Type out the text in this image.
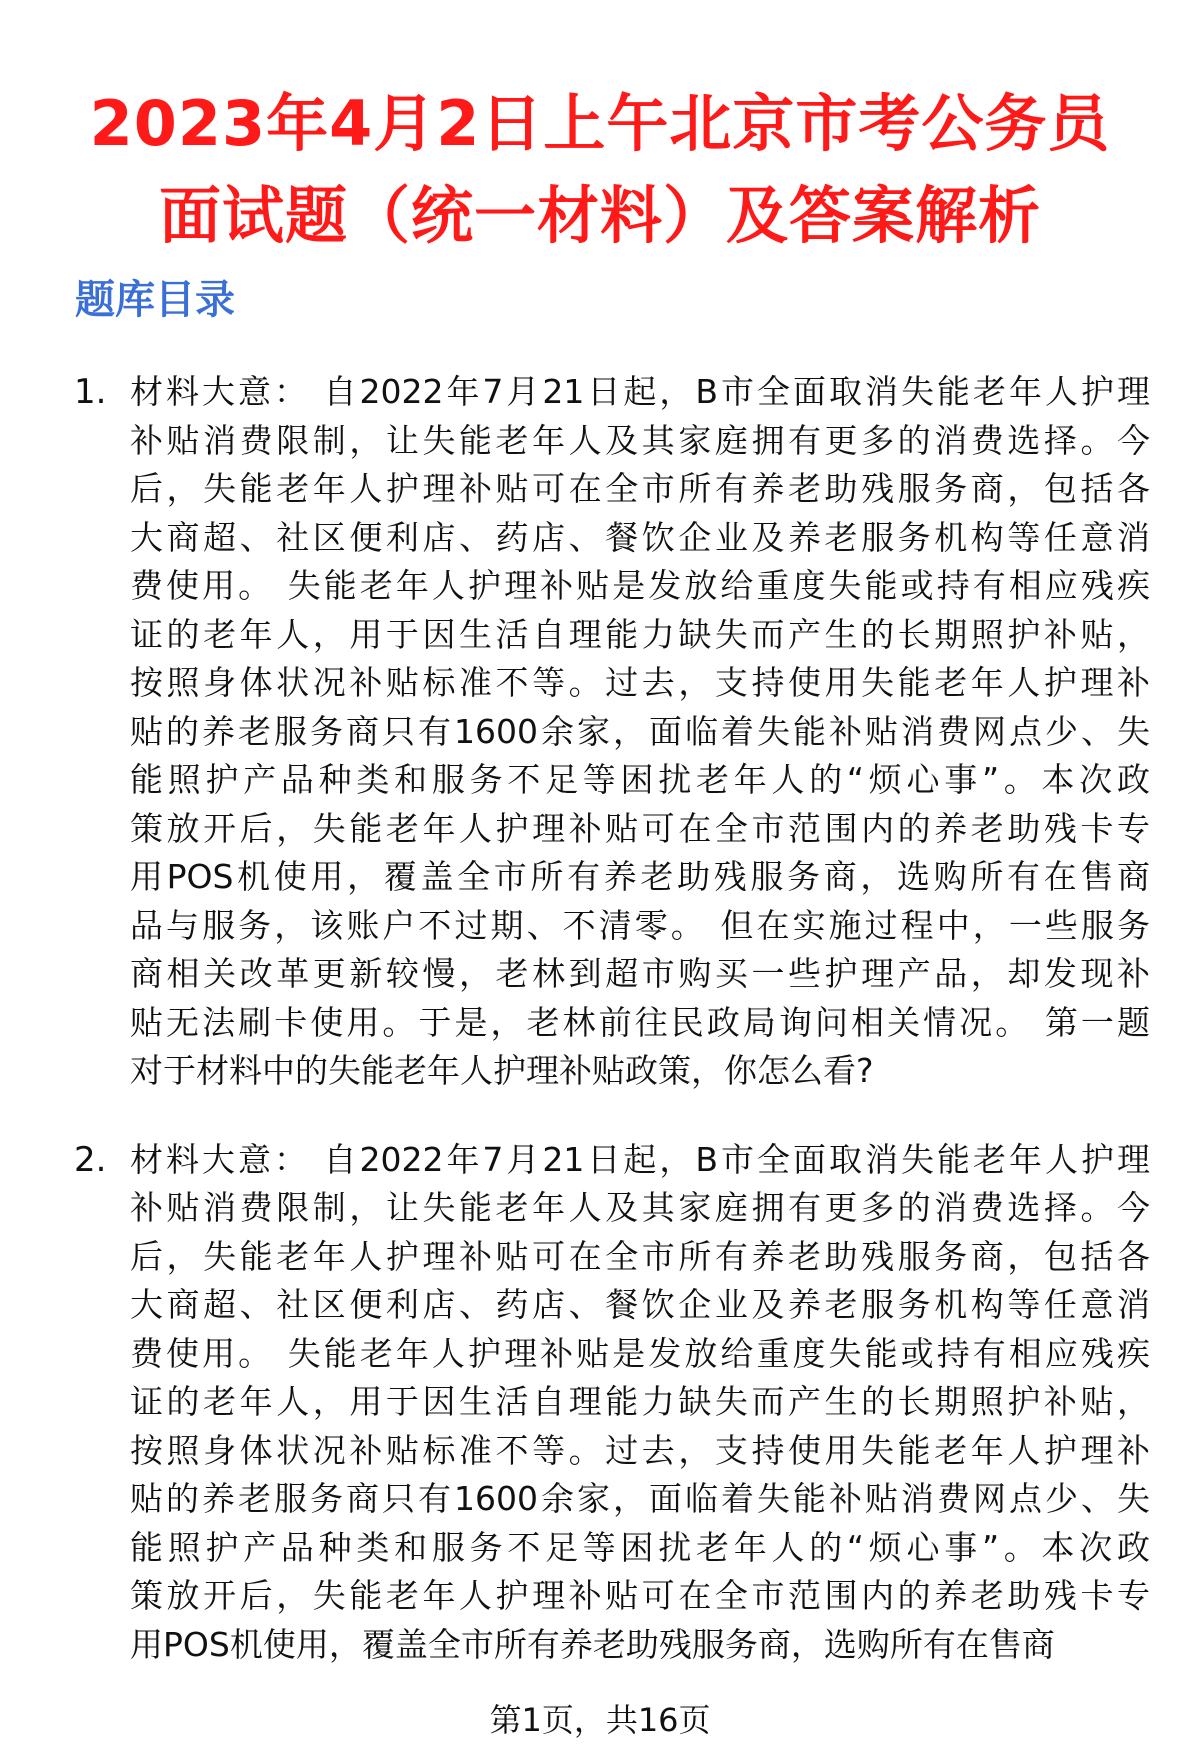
2023年4月2日上午北京市考公务员
面试题（统一材料）及答案解析
题库目录
1. 材料大意： 自2022年7月21日起，B市全面取消失能老年人护理
补贴消费限制，让失能老年人及其家庭拥有更多的消费选择。今
后，失能老年人护理补贴可在全市所有养老助残服务商，包括各
大商超、社区便利店、药店、餐饮企业及养老服务机构等任意消
费使用。 失能老年人护理补贴是发放给重度失能或持有相应残疾
证的老年人，用于因生活自理能力缺失而产生的长期照护补贴，
按照身体状况补贴标准不等。过去，支持使用失能老年人护理补
贴的养老服务商只有1600余家，面临着失能补贴消费网点少、失
能照护产品种类和服务不足等困扰老年人的“烦心事”。本次政
策放开后，失能老年人护理补贴可在全市范围内的养老助残卡专
用POS机使用，覆盖全市所有养老助残服务商，选购所有在售商
品与服务，该账户不过期、不清零。 但在实施过程中，一些服务
商相关改革更新较慢，老林到超市购买一些护理产品，却发现补
贴无法刷卡使用。于是，老林前往民政局询问相关情况。 第一题
对于材料中的失能老年人护理补贴政策，你怎么看?
2. 材料大意： 自2022年7月21日起，B市全面取消失能老年人护理
补贴消费限制，让失能老年人及其家庭拥有更多的消费选择。今
后，失能老年人护理补贴可在全市所有养老助残服务商，包括各
大商超、社区便利店、药店、餐饮企业及养老服务机构等任意消
费使用。 失能老年人护理补贴是发放给重度失能或持有相应残疾
证的老年人，用于因生活自理能力缺失而产生的长期照护补贴，
按照身体状况补贴标准不等。过去，支持使用失能老年人护理补
贴的养老服务商只有1600余家，面临着失能补贴消费网点少、失
能照护产品种类和服务不足等困扰老年人的“烦心事”。本次政
策放开后，失能老年人护理补贴可在全市范围内的养老助残卡专
用POS机使用，覆盖全市所有养老助残服务商，选购所有在售商
第1页，共16页
